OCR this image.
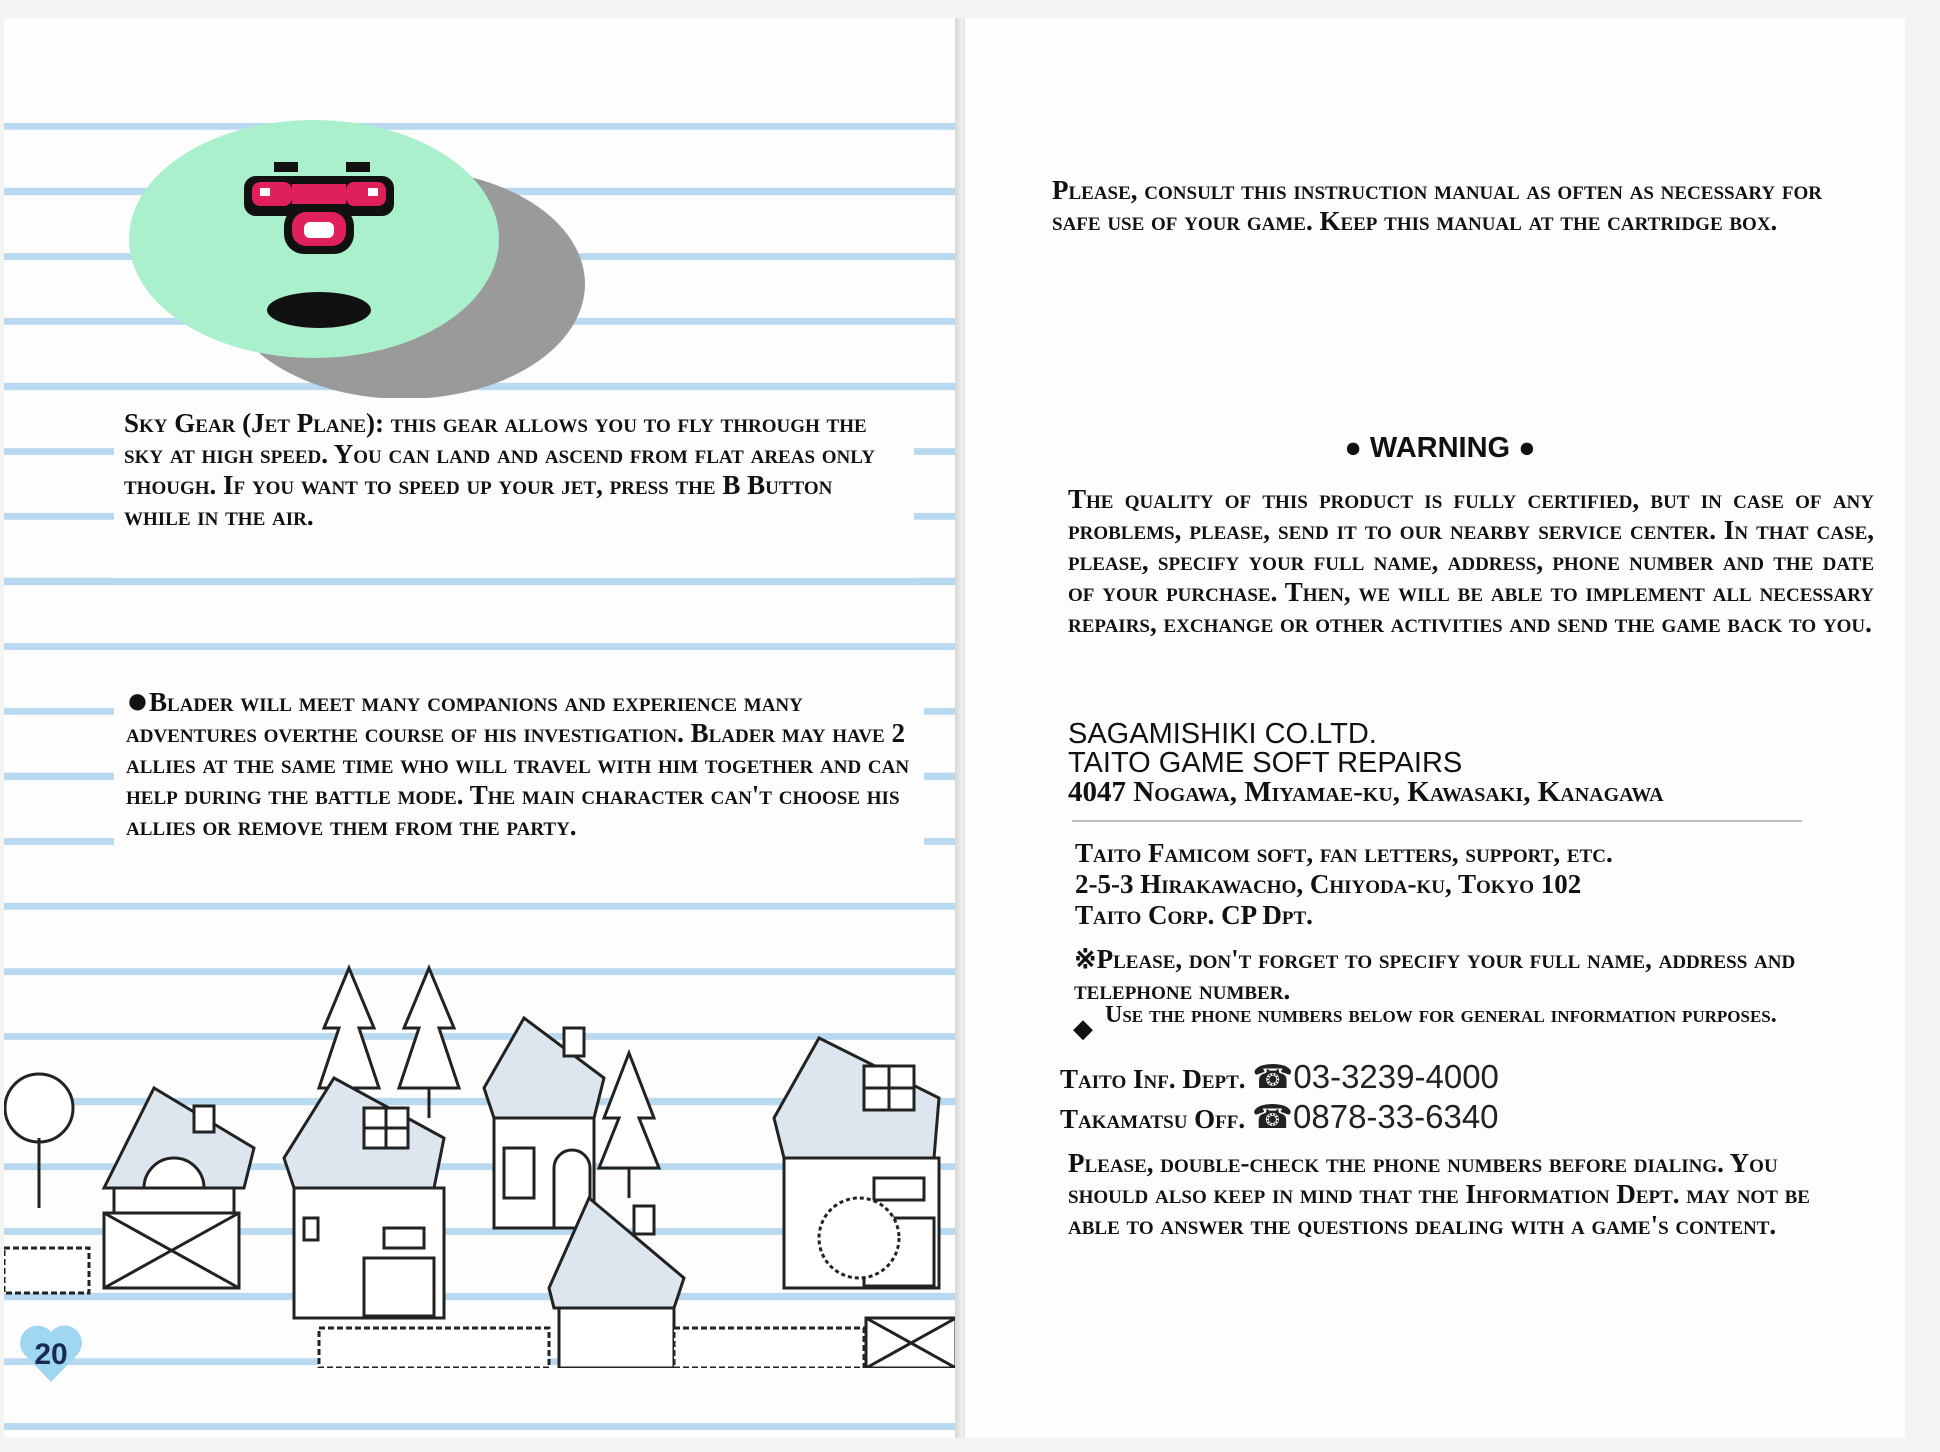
Sky Gear (Jet Plane): this gear allows you to fly through the sky at high speed. You can land and ascend from flat areas only though. If you want to speed up your jet, press the B Button while in the air.

●Blader will meet many companions and experience many adventures overthe course of his investigation. Blader may have 2 allies at the same time who will travel with him together and can help during the battle mode. The main character can't choose his allies or remove them from the party.

20

Please, consult this instruction manual as often as necessary for safe use of your game. Keep this manual at the cartridge box.

● WARNING ●

The quality of this product is fully certified, but in case of any problems, please, send it to our nearby service center. In that case, please, specify your full name, address, phone number and the date of your purchase. Then, we will be able to implement all necessary repairs, exchange or other activities and send the game back to you.

SAGAMISHIKI CO.LTD.
TAITO GAME SOFT REPAIRS
4047 Nogawa, Miyamae-ku, Kawasaki, Kanagawa
Taito Famicom soft, fan letters, support, etc.
2-5-3 Hirakawacho, Chiyoda-ku, Tokyo 102
Taito Corp. CP Dpt.

※Please, don't forget to specify your full name, address and telephone number.

◆ Use the phone numbers below for general information purposes.

Taito Inf. Dept. ☎03-3239-4000
Takamatsu Off. ☎0878-33-6340

Please, double-check the phone numbers before dialing. You should also keep in mind that the Ihformation Dept. may not be able to answer the questions dealing with a game's content.
